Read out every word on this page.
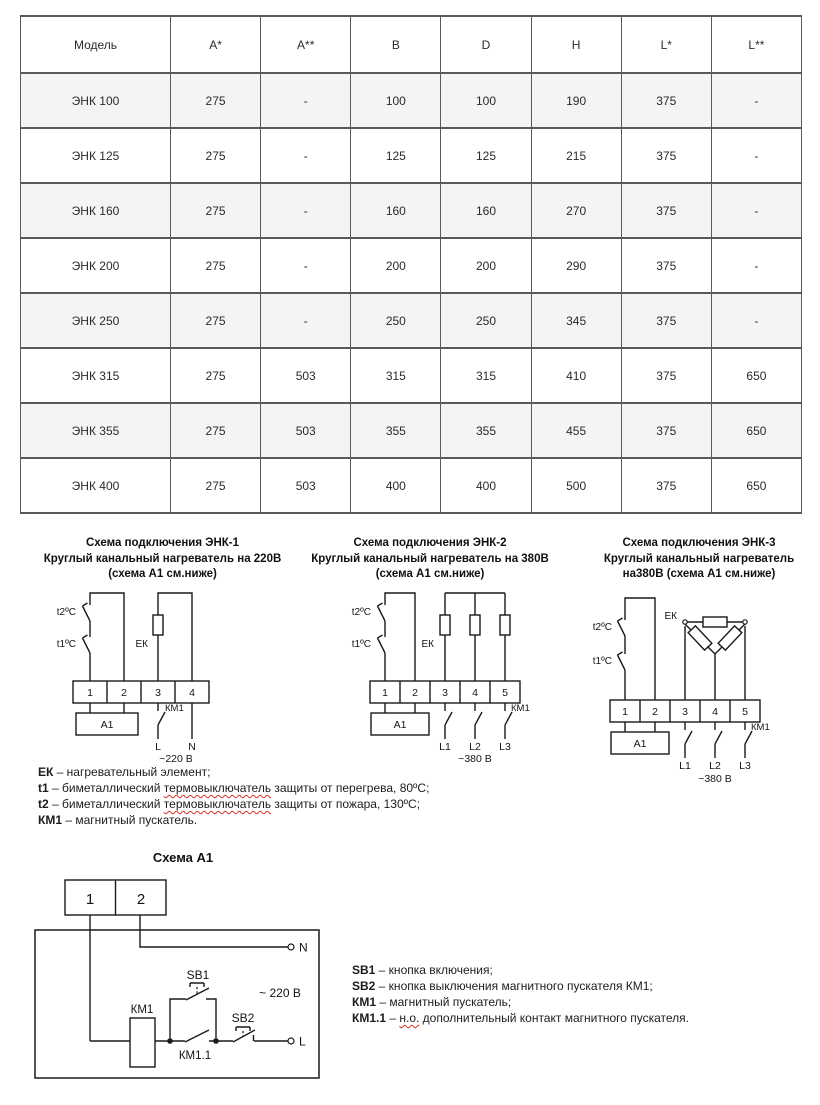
Модель	A*	A**	B	D	H	L*	L**
ЭНК 100	275	-	100	100	190	375	-
ЭНК 125	275	-	125	125	215	375	-
ЭНК 160	275	-	160	160	270	375	-
ЭНК 200	275	-	200	200	290	375	-
ЭНК 250	275	-	250	250	345	375	-
ЭНК 315	275	503	315	315	410	375	650
ЭНК 355	275	503	355	355	455	375	650
ЭНК 400	275	503	400	400	500	375	650
Схема подключения ЭНК-1
Круглый канальный нагреватель на 220В
(схема А1 см.ниже)
Схема подключения ЭНК-2
Круглый канальный нагреватель на 380В
(схема А1 см.ниже)
Схема подключения ЭНК-3
Круглый канальный нагреватель
на380В (схема А1 см.ниже)
t2ºC
t1ºC	ЕК
1	2	3	4
А1
КМ1
L	N
~220 В
t2ºC
t1ºC	ЕК
1 2 3 4 5
А1
КМ1
L1 L2 L3
~380 В
t2ºC
t1ºC
ЕК
1 2 3 4 5
А1
КМ1
L1 L2 L3
~380 В
ЕК – нагревательный элемент;
t1 – биметаллический термовыключатель защиты от перегрева, 80ºС;
t2 – биметаллический термовыключатель защиты от пожара, 130ºС;
КМ1 – магнитный пускатель.
Схема А1
1	2
N
L
КМ1
SB1
SB2
КМ1.1
~ 220 В
SB1 – кнопка включения;
SB2 – кнопка выключения магнитного пускателя КМ1;
КМ1 – магнитный пускатель;
КМ1.1 – н.о. дополнительный контакт магнитного пускателя.
